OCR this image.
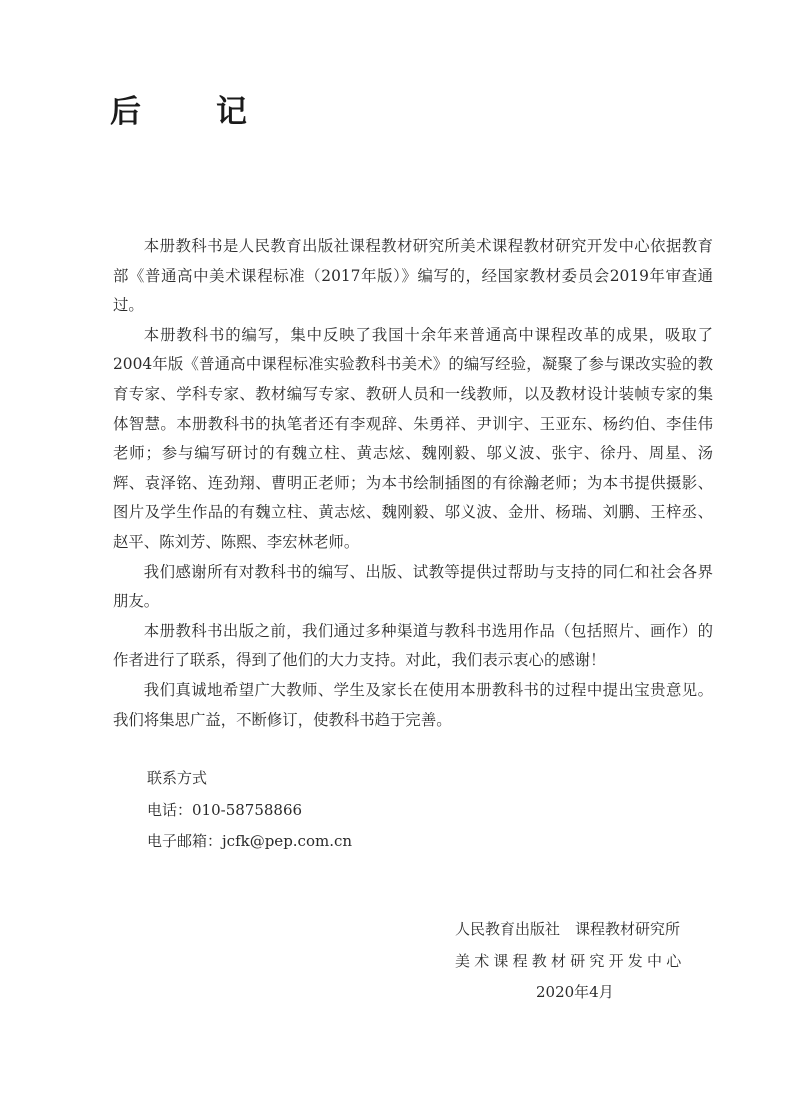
后　记

本册教科书是人民教育出版社课程教材研究所美术课程教材研究开发中心依据教育部《普通高中美术课程标准（2017年版）》编写的，经国家教材委员会2019年审查通过。

本册教科书的编写，集中反映了我国十余年来普通高中课程改革的成果，吸取了2004年版《普通高中课程标准实验教科书美术》的编写经验，凝聚了参与课改实验的教育专家、学科专家、教材编写专家、教研人员和一线教师，以及教材设计装帧专家的集体智慧。本册教科书的执笔者还有李观辞、朱勇祥、尹训宇、王亚东、杨约伯、李佳伟老师；参与编写研讨的有魏立柱、黄志炫、魏刚毅、邬义波、张宇、徐丹、周星、汤辉、袁泽铭、连劲翔、曹明正老师；为本书绘制插图的有徐瀚老师；为本书提供摄影、图片及学生作品的有魏立柱、黄志炫、魏刚毅、邬义波、金卅、杨瑞、刘鹏、王梓丞、赵平、陈刘芳、陈熙、李宏林老师。

我们感谢所有对教科书的编写、出版、试教等提供过帮助与支持的同仁和社会各界朋友。

本册教科书出版之前，我们通过多种渠道与教科书选用作品（包括照片、画作）的作者进行了联系，得到了他们的大力支持。对此，我们表示衷心的感谢！

我们真诚地希望广大教师、学生及家长在使用本册教科书的过程中提出宝贵意见。我们将集思广益，不断修订，使教科书趋于完善。

联系方式
电话：010-58758866
电子邮箱：jcfk@pep.com.cn
人民教育出版社　课程教材研究所
美术课程教材研究开发中心
2020年4月
